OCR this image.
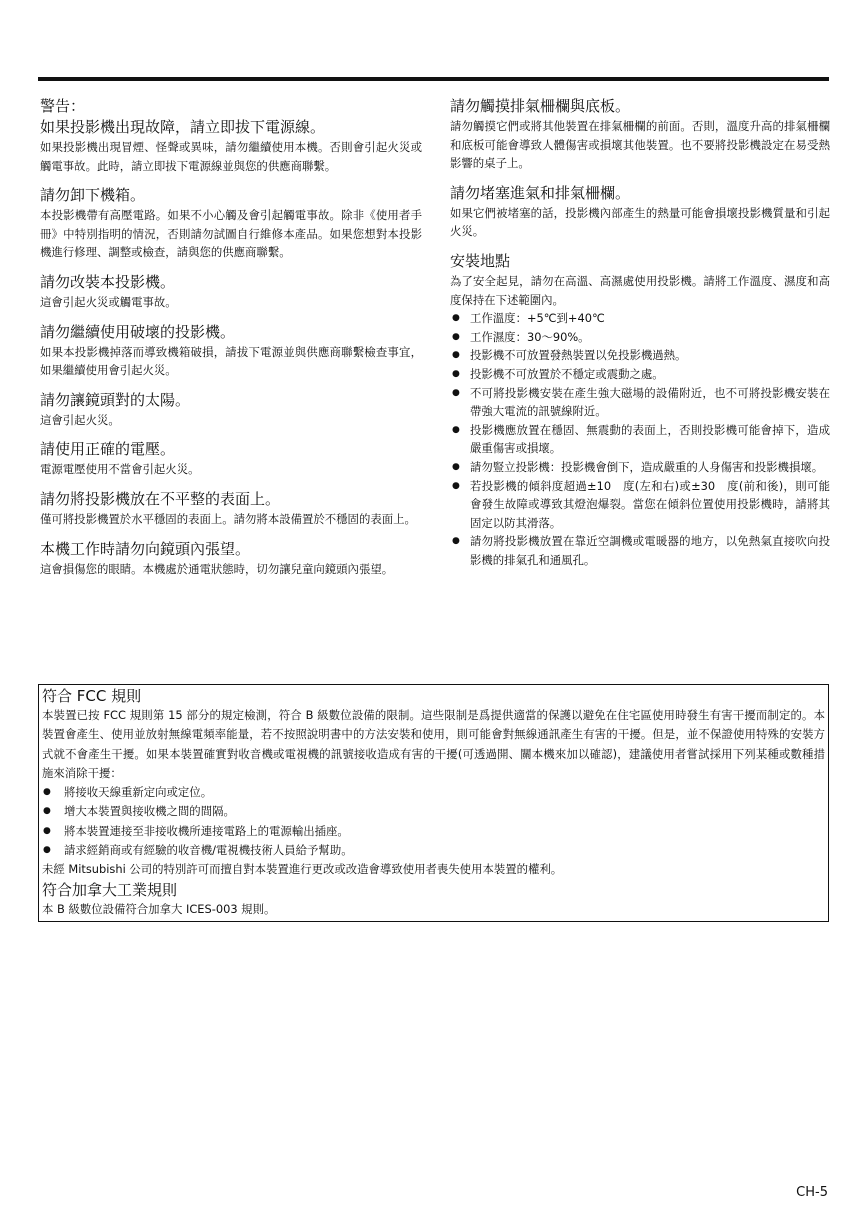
警告：

如果投影機出現故障，請立即拔下電源線。

如果投影機出現冒煙、怪聲或異味，請勿繼續使用本機。否則會引起火災或觸電事故。此時，請立即拔下電源線並與您的供應商聯繫。

請勿卸下機箱。

本投影機帶有高壓電路。如果不小心觸及會引起觸電事故。除非《使用者手冊》中特別指明的情況，否則請勿試圖自行維修本產品。如果您想對本投影機進行修理、調整或檢查，請與您的供應商聯繫。

請勿改裝本投影機。

這會引起火災或觸電事故。

請勿繼續使用破壞的投影機。

如果本投影機掉落而導致機箱破損，請拔下電源並與供應商聯繫檢查事宜，如果繼續使用會引起火災。

請勿讓鏡頭對的太陽。

這會引起火災。

請使用正確的電壓。

電源電壓使用不當會引起火災。

請勿將投影機放在不平整的表面上。

僅可將投影機置於水平穩固的表面上。請勿將本設備置於不穩固的表面上。

本機工作時請勿向鏡頭內張望。

這會損傷您的眼睛。本機處於通電狀態時，切勿讓兒童向鏡頭內張望。

請勿觸摸排氣柵欄與底板。

請勿觸摸它們或將其他裝置在排氣柵欄的前面。否則，溫度升高的排氣柵欄和底板可能會導致人體傷害或損壞其他裝置。也不要將投影機設定在易受熱影響的桌子上。

請勿堵塞進氣和排氣柵欄。

如果它們被堵塞的話，投影機內部產生的熱量可能會損壞投影機質量和引起火災。

安裝地點

為了安全起見，請勿在高溫、高濕處使用投影機。請將工作溫度、濕度和高度保持在下述範圍內。

● 工作溫度：+5℃到+40℃
● 工作濕度：30～90%。
● 投影機不可放置發熱裝置以免投影機過熱。
● 投影機不可放置於不穩定或震動之處。
● 不可將投影機安裝在產生強大磁場的設備附近，也不可將投影機安裝在帶強大電流的訊號線附近。
● 投影機應放置在穩固、無震動的表面上，否則投影機可能會掉下，造成嚴重傷害或損壞。
● 請勿豎立投影機：投影機會倒下，造成嚴重的人身傷害和投影機損壞。
● 若投影機的傾斜度超過±10　度(左和右)或±30　度(前和後)，則可能會發生故障或導致其燈泡爆裂。當您在傾斜位置使用投影機時，請將其固定以防其滑落。
● 請勿將投影機放置在靠近空調機或電暖器的地方，以免熱氣直接吹向投影機的排氣孔和通風孔。

符合 FCC 規則

本裝置已按 FCC 規則第 15 部分的規定檢測，符合 B 級數位設備的限制。這些限制是爲提供適當的保護以避免在住宅區使用時發生有害干擾而制定的。本裝置會產生、使用並放射無線電頻率能量，若不按照說明書中的方法安裝和使用，則可能會對無線通訊產生有害的干擾。但是，並不保證使用特殊的安裝方式就不會產生干擾。如果本裝置確實對收音機或電視機的訊號接收造成有害的干擾(可透過開、關本機來加以確認)，建議使用者嘗試採用下列某種或數種措施來消除干擾：

● 將接收天線重新定向或定位。
● 增大本裝置與接收機之間的間隔。
● 將本裝置連接至非接收機所連接電路上的電源輸出插座。
● 請求經銷商或有經驗的收音機/電視機技術人員給予幫助。

未經 Mitsubishi 公司的特別許可而擅自對本裝置進行更改或改造會導致使用者喪失使用本裝置的權利。

符合加拿大工業規則

本 B 級數位設備符合加拿大 ICES-003 規則。

CH-5
